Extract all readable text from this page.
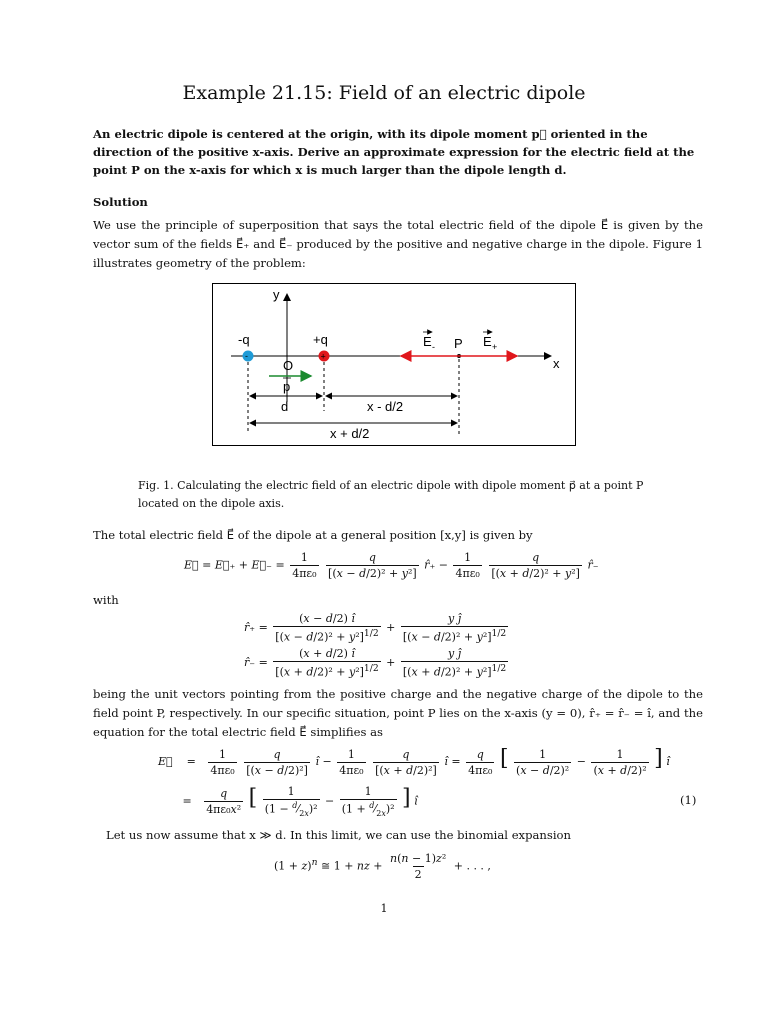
Example 21.15: Field of an electric dipole
An electric dipole is centered at the origin, with its dipole moment p⃗ oriented in the direction of the positive x-axis. Derive an approximate expression for the electric field at the point P on the x-axis for which x is much larger than the dipole length d.
Solution
We use the principle of superposition that says the total electric field of the dipole E⃗ is given by the vector sum of the fields E⃗₊ and E⃗₋ produced by the positive and negative charge in the dipole. Figure 1 illustrates geometry of the problem:
y
x
-	+
-q	+q
O
p
P
E -	E +
d	x - d/2
x + d/2
Fig. 1. Calculating the electric field of an electric dipole with dipole moment p⃗ at a point P located on the dipole axis.
The total electric field E⃗ of the dipole at a general position [x,y] is given by
E⃗ = E⃗₊ + E⃗₋ = $\frac{1}{\text{4πε₀}}$
$\frac{q}{\text{[(x − d/2)² + y²]}}$ r̂₊ − $\frac{1}{\text{4πε₀}}$
$\frac{q}{\text{[(x + d/2)² + y²]}}$ r̂₋
with
r̂₊ = $\frac{(x - d/2) î}{[(x - d/2)^2 + y^2]^{1/2}} + \frac{\text{y ĵ}}{[(x - d/2)^2 + y^2]^{1/2}}$
r̂₋ = $\frac{(x + d/2) î}{[(x + d/2)^2 + y^2]^{1/2}} + \frac{\text{y ĵ}}{[(x + d/2)^2 + y^2]^{1/2}}$
being the unit vectors pointing from the positive charge and the negative charge of the dipole to the field point P, respectively. In our specific situation, point P lies on the x-axis (y = 0), r̂₊ = r̂₋ = î, and the equation for the total electric field E⃗ simplifies as
E⃗    = $\frac{1}{\text{4πε₀}}$
$\frac{q}{\text{[(x − d/2)²]}}$ î − $\frac{1}{\text{4πε₀}}$
$\frac{q}{\text{[(x + d/2)²]}}$ î = $\frac{q}{\text{4πε₀}}$ [ $\frac{1}{\text{(x − d/2)²}} - \frac{1}{\text{(x + d/2)²}}$ ] î
= $\frac{q}{\text{4πε₀x²}}$ [ $\frac{1}{(1 - ^d⁄_{2x})^2} - \frac{1}{(1 + ^d⁄_{2x})^2}$ ] î	(1)
Let us now assume that x ≫ d. In this limit, we can use the binomial expansion
$(1 + z)^n$ ≅ 1 + nz + $\frac{\text{n(n − 1)z²}}{2}$ + . . . ,
1
